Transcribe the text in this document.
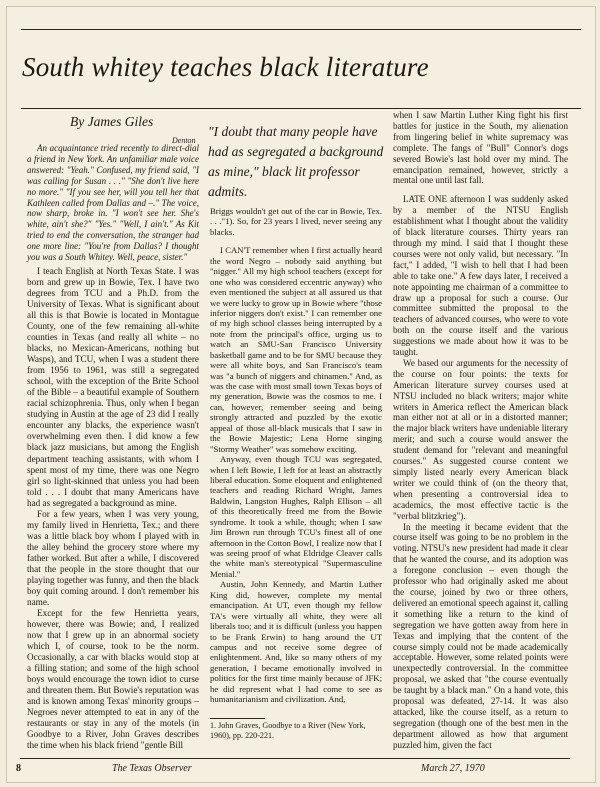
South whitey teaches black literature
By James Giles
Denton

An acquaintance tried recently to direct-dial a friend in New York. An unfamiliar male voice answered: "Yeah." Confused, my friend said, "I was calling for Susan . . ." "She don't live here no more." "If you see her, will you tell her that Kathleen called from Dallas and –." The voice, now sharp, broke in. "I won't see her. She's white, ain't she?" "Yes." "Well, I ain't." As Kit tried to end the conversation, the stranger had one more line: "You're from Dallas? I thought you was a South Whitey. Well, peace, sister."

I teach English at North Texas State. I was born and grew up in Bowie, Tex. I have two degrees from TCU and a Ph.D. from the University of Texas. What is significant about all this is that Bowie is located in Montague County, one of the few remaining all-white counties in Texas (and really all white – no blacks, no Mexican-Americans, nothing but Wasps), and TCU, when I was a student there from 1956 to 1961, was still a segregated school, with the exception of the Brite School of the Bible – a beautiful example of Southern racial schizophrenia. Thus, only when I began studying in Austin at the age of 23 did I really encounter any blacks, the experience wasn't overwhelming even then. I did know a few black jazz musicians, but among the English department teaching assistants, with whom I spent most of my time, there was one Negro girl so light-skinned that unless you had been told . . . I doubt that many Americans have had as segregated a background as mine.

For a few years, when I was very young, my family lived in Henrietta, Tex.; and there was a little black boy whom I played with in the alley behind the grocery store where my father worked. But after a while, I discovered that the people in the store thought that our playing together was funny, and then the black boy quit coming around. I don't remember his name.

Except for the few Henrietta years, however, there was Bowie; and, I realized now that I grew up in an abnormal society which I, of course, took to be the norm. Occasionally, a car with blacks would stop at a filling station; and some of the high school boys would encourage the town idiot to curse and threaten them. But Bowie's reputation was and is known among Texas' minority groups – Negroes never attempted to eat in any of the restaurants or stay in any of the motels (in Goodbye to a River, John Graves describes the time when his black friend "gentle Bill

"I doubt that many people have had as segregated a background as mine," black lit professor admits.

Briggs wouldn't get out of the car in Bowie, Tex. . . ."1). So, for 23 years I lived, never seeing any blacks.

I CAN'T remember when I first actually heard the word Negro – nobody said anything but "nigger." All my high school teachers (except for one who was considered eccentric anyway) who even mentioned the subject at all assured us that we were lucky to grow up in Bowie where "those inferior niggers don't exist." I can remember one of my high school classes being interrupted by a note from the principal's office, urging us to watch an SMU-San Francisco University basketball game and to be for SMU because they were all white boys, and San Francisco's team was "a bunch of niggers and chinamen." And, as was the case with most small town Texas boys of my generation, Bowie was the cosmos to me. I can, however, remember seeing and being strongly attracted and puzzled by the exotic appeal of those all-black musicals that I saw in the Bowie Majestic; Lena Horne singing "Stormy Weather" was somehow exciting.

Anyway, even though TCU was segregated, when I left Bowie, I left for at least an abstractly liberal education. Some eloquent and enlightened teachers and reading Richard Wright, James Baldwin, Langston Hughes, Ralph Ellison – all of this theoretically freed me from the Bowie syndrome. It took a while, though; when I saw Jim Brown run through TCU's finest all of one afternoon in the Cotton Bowl, I realize now that I was seeing proof of what Eldridge Cleaver calls the white man's stereotypical "Supermasculine Menial."

Austin, John Kennedy, and Martin Luther King did, however, complete my mental emancipation. At UT, even though my fellow TA's were virtually all white, they were all liberals too; and it is difficult (unless you happen to be Frank Erwin) to hang around the UT campus and not receive some degree of enlightenment. And, like so many others of my generation, I became emotionally involved in politics for the first time mainly because of JFK; he did represent what I had come to see as humanitarianism and civilization. And,

1. John Graves, Goodbye to a River (New York, 1960), pp. 220-221.

when I saw Martin Luther King fight his first battles for justice in the South, my alienation from lingering belief in white supremacy was complete. The fangs of "Bull" Connor's dogs severed Bowie's last hold over my mind. The emancipation remained, however, strictly a mental one until last fall.

LATE ONE afternoon I was suddenly asked by a member of the NTSU English establishment what I thought about the validity of black literature courses. Thirty years ran through my mind. I said that I thought these courses were not only valid, but necessary. "In fact," I added, "I wish to hell that I had been able to take one." A few days later, I received a note appointing me chairman of a committee to draw up a proposal for such a course. Our committee submitted the proposal to the teachers of advanced courses, who were to vote both on the course itself and the various suggestions we made about how it was to be taught.

We based our arguments for the necessity of the course on four points: the texts for American literature survey courses used at NTSU included no black writers; major white writers in America reflect the American black man either not at all or in a distorted manner; the major black writers have undeniable literary merit; and such a course would answer the student demand for "relevant and meaningful courses." As suggested course content we simply listed nearly every American black writer we could think of (on the theory that, when presenting a controversial idea to academics, the most effective tactic is the "verbal blitzkrieg").

In the meeting it became evident that the course itself was going to be no problem in the voting. NTSU's new president had made it clear that he wanted the course, and its adoption was a foregone conclusion – even though the professor who had originally asked me about the course, joined by two or three others, delivered an emotional speech against it, calling it something like a return to the kind of segregation we have gotten away from here in Texas and implying that the content of the course simply could not be made academically acceptable. However, some related points were unexpectedly controversial. In the committee proposal, we asked that "the course eventually be taught by a black man." On a hand vote, this proposal was defeated, 27-14. It was also attacked, like the course itself, as a return to segregation (though one of the best men in the department allowed as how that argument puzzled him, given the fact

8	The Texas Observer	March 27, 1970
